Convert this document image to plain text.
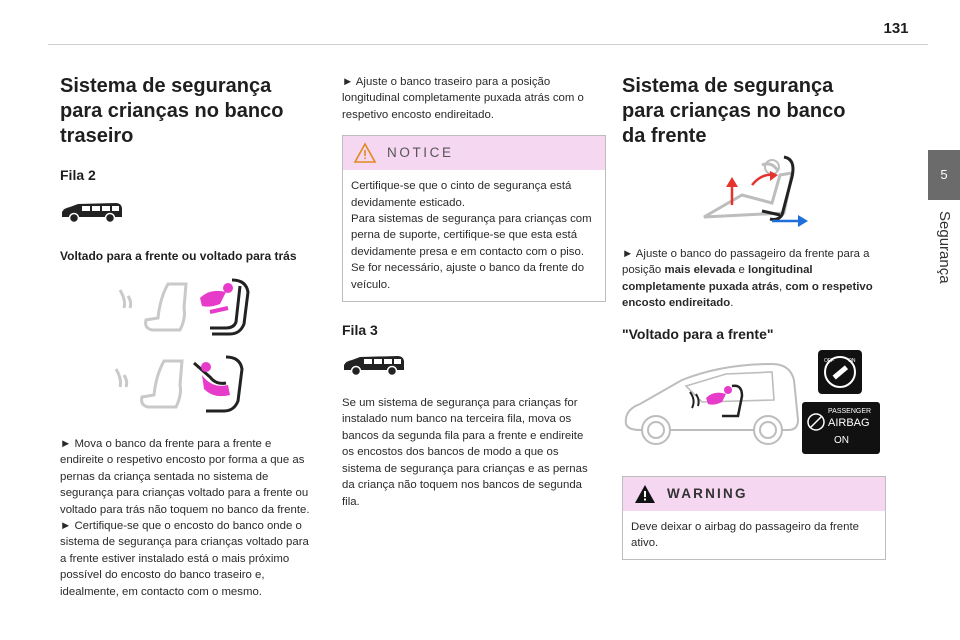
131
5
Segurança
Sistema de segurança para crianças no banco traseiro
Fila 2
Voltado para a frente ou voltado para trás

► Mova o banco da frente para a frente e endireite o respetivo encosto por forma a que as pernas da criança sentada no sistema de segurança para crianças voltado para a frente ou voltado para trás não toquem no banco da frente.

► Certifique-se que o encosto do banco onde o sistema de segurança para crianças voltado para a frente estiver instalado está o mais próximo possível do encosto do banco traseiro e, idealmente, em contacto com o mesmo.

► Ajuste o banco traseiro para a posição longitudinal completamente puxada atrás com o respetivo encosto endireitado.

NOTICE

Certifique-se que o cinto de segurança está devidamente esticado.
Para sistemas de segurança para crianças com perna de suporte, certifique-se que esta está devidamente presa e em contacto com o piso. Se for necessário, ajuste o banco da frente do veículo.

Fila 3

Se um sistema de segurança para crianças for instalado num banco na terceira fila, mova os bancos da segunda fila para a frente e endireite os encostos dos bancos de modo a que os sistema de segurança para crianças e as pernas da criança não toquem nos bancos de segunda fila.

Sistema de segurança para crianças no banco da frente

► Ajuste o banco do passageiro da frente para a posição mais elevada e longitudinal completamente puxada atrás, com o respetivo encosto endireitado.

"Voltado para a frente"
OFF	ON
PASSENGER
AIRBAG
ON
WARNING

Deve deixar o airbag do passageiro da frente ativo.
